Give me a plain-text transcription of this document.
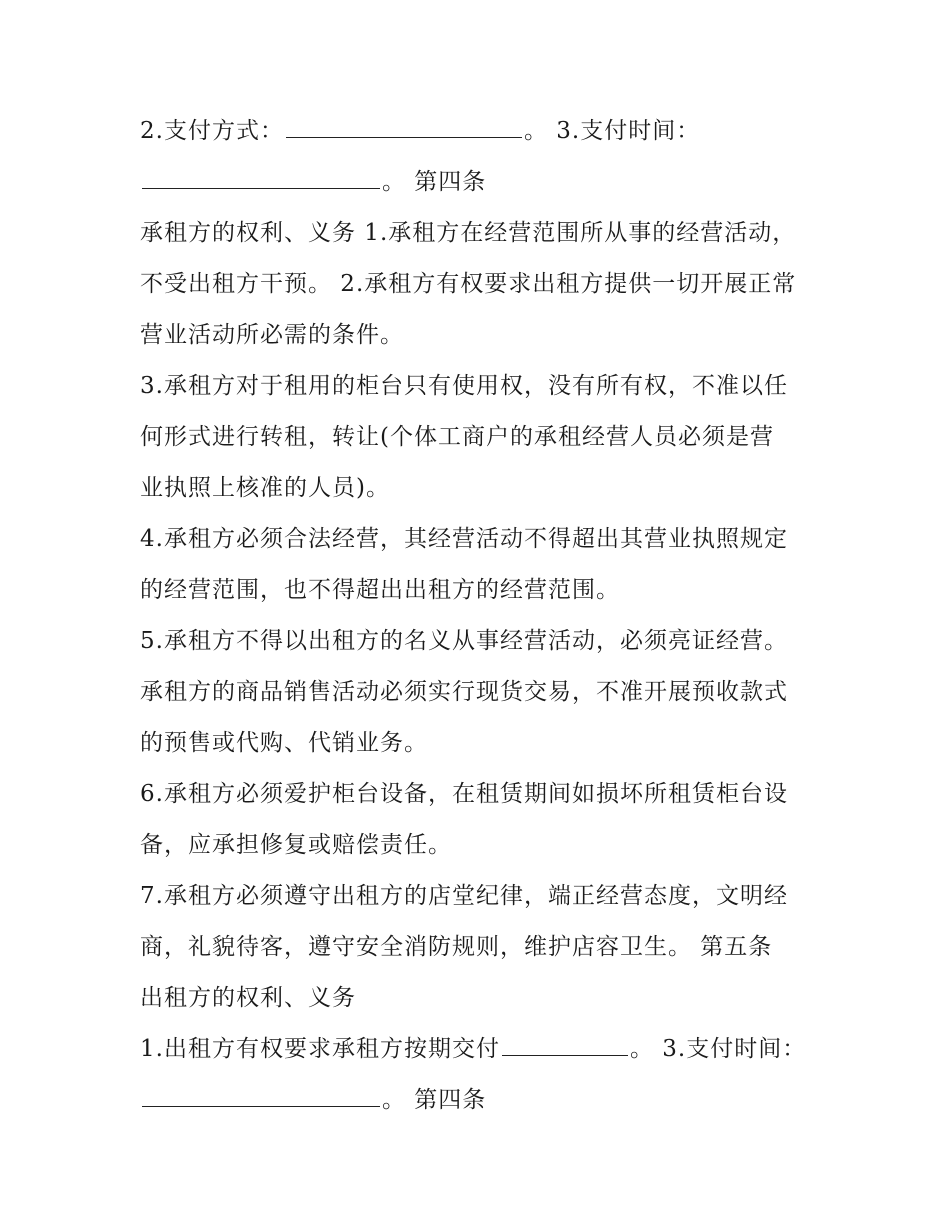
2.支付方式：	。 3.支付时间：
。 第四条
承租方的权利、义务 1.承租方在经营范围所从事的经营活动，
不受出租方干预。 2.承租方有权要求出租方提供一切开展正常
营业活动所必需的条件。
3.承租方对于租用的柜台只有使用权，没有所有权，不准以任
何形式进行转租，转让(个体工商户的承租经营人员必须是营
业执照上核准的人员)。
4.承租方必须合法经营，其经营活动不得超出其营业执照规定
的经营范围，也不得超出出租方的经营范围。
5.承租方不得以出租方的名义从事经营活动，必须亮证经营。
承租方的商品销售活动必须实行现货交易，不准开展预收款式
的预售或代购、代销业务。
6.承租方必须爱护柜台设备，在租赁期间如损坏所租赁柜台设
备，应承担修复或赔偿责任。
7.承租方必须遵守出租方的店堂纪律，端正经营态度，文明经
商，礼貌待客，遵守安全消防规则，维护店容卫生。 第五条
出租方的权利、义务
1.出租方有权要求承租方按期交付	。 3.支付时间：
。 第四条
